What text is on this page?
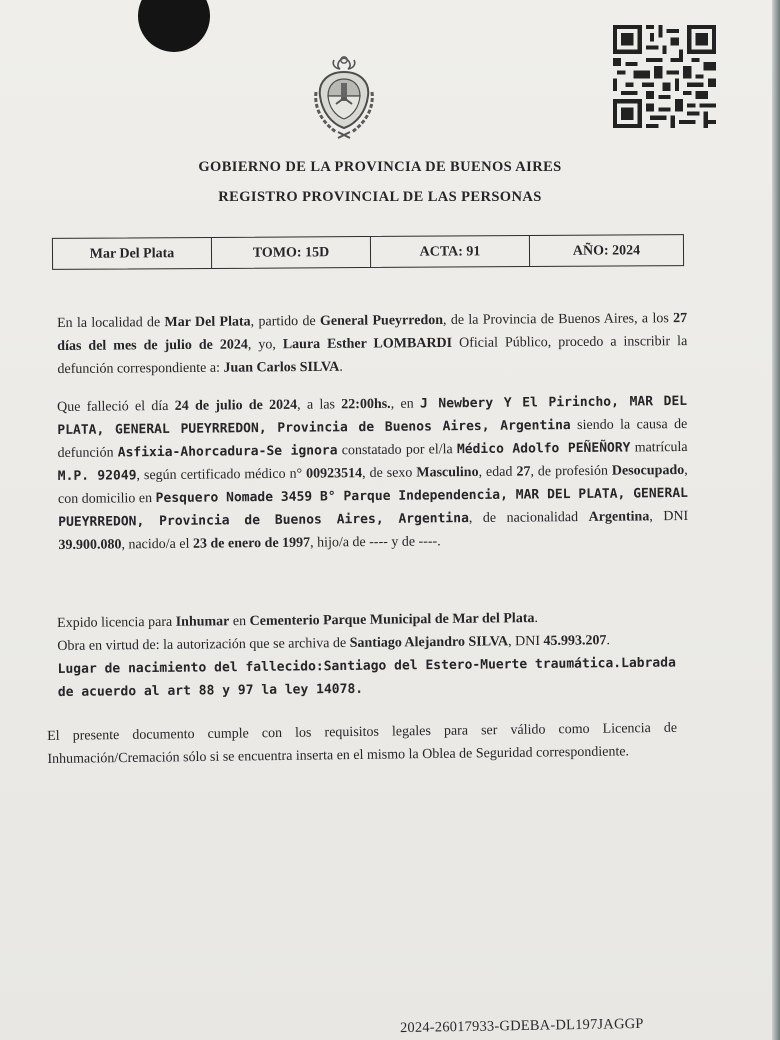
GOBIERNO DE LA PROVINCIA DE BUENOS AIRES
REGISTRO PROVINCIAL DE LAS PERSONAS
Mar Del Plata	TOMO: 15D	ACTA: 91	AÑO: 2024
En la localidad de Mar Del Plata, partido de General Pueyrredon, de la Provincia de Buenos Aires, a los 27 días del mes de julio de 2024, yo, Laura Esther LOMBARDI Oficial Público, procedo a inscribir la defunción correspondiente a: Juan Carlos SILVA.
Que falleció el día 24 de julio de 2024, a las 22:00hs., en J Newbery Y El Pirincho, MAR DEL PLATA, GENERAL PUEYRREDON, Provincia de Buenos Aires, Argentina siendo la causa de defunción Asfixia-Ahorcadura-Se ignora constatado por el/la Médico Adolfo PEÑEÑORY matrícula M.P. 92049, según certificado médico n° 00923514, de sexo Masculino, edad 27, de profesión Desocupado, con domicilio en Pesquero Nomade 3459 B° Parque Independencia, MAR DEL PLATA, GENERAL PUEYRREDON, Provincia de Buenos Aires, Argentina, de nacionalidad Argentina, DNI 39.900.080, nacido/a el 23 de enero de 1997, hijo/a de ---- y de ----.
Expido licencia para Inhumar en Cementerio Parque Municipal de Mar del Plata.
Obra en virtud de: la autorización que se archiva de Santiago Alejandro SILVA, DNI 45.993.207.
Lugar de nacimiento del fallecido:Santiago del Estero-Muerte traumática.Labrada de acuerdo al art 88 y 97 la ley 14078.
El presente documento cumple con los requisitos legales para ser válido como Licencia de Inhumación/Cremación sólo si se encuentra inserta en el mismo la Oblea de Seguridad correspondiente.
2024-26017933-GDEBA-DL197JAGGP
